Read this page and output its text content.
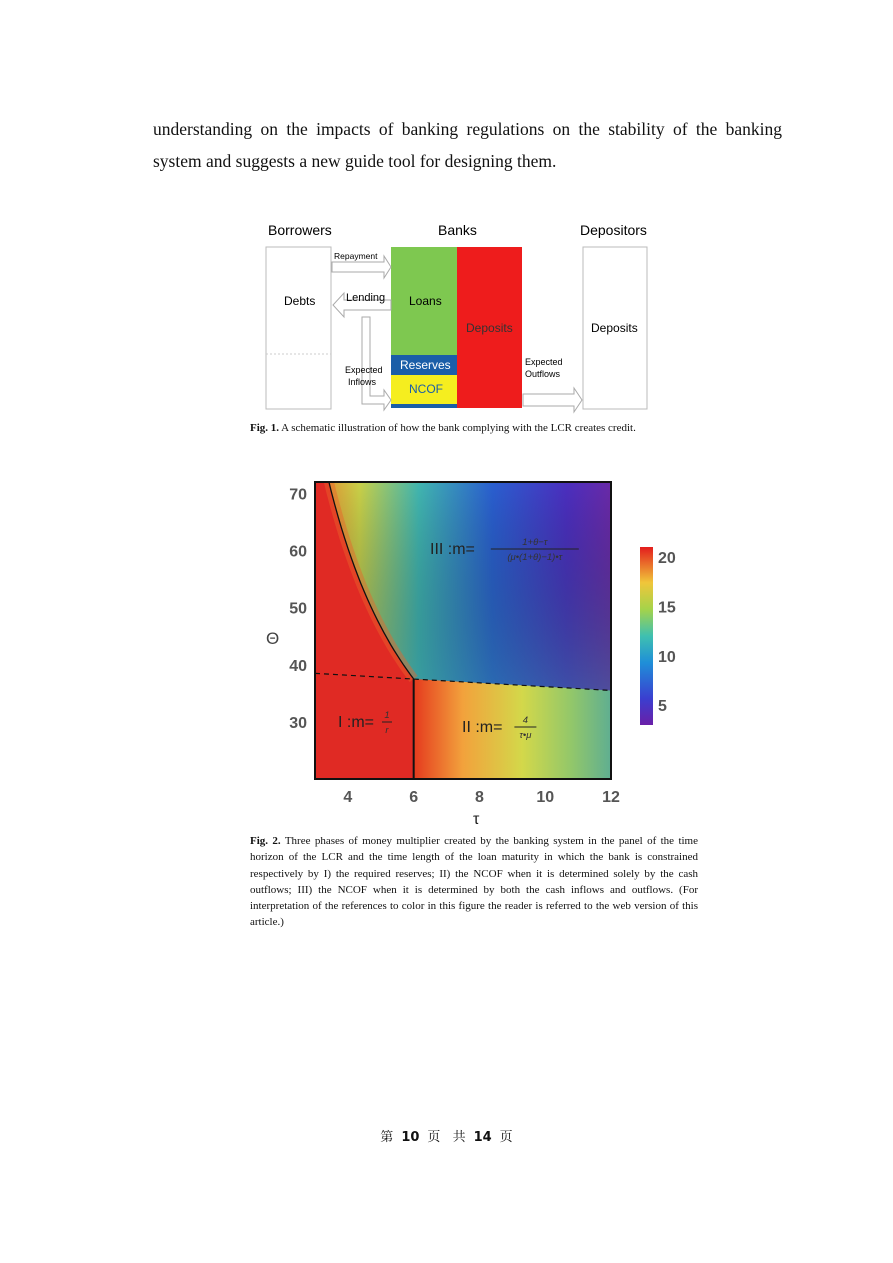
understanding on the impacts of banking regulations on the stability of the banking system and suggests a new guide tool for designing them.

Borrowers	Banks	Depositors
Debts	Loans
Reserves
NCOF
Deposits	Deposits
Repayment
Lending
Expected
Inflows
Expected
Outflows

Fig. 1. A schematic illustration of how the bank complying with the LCR creates credit.

4	6	8	10	12
30
40
50
60
70
τ
Θ
III :m=	1+θ−τ
(μ•(1+θ)−1)•τ
I :m= 1
r	II :m= 4
τ•μ
5
10
15
20

Fig. 2. Three phases of money multiplier created by the banking system in the panel of the time horizon of the LCR and the time length of the loan maturity in which the bank is constrained respectively by I) the required reserves; II) the NCOF when it is determined solely by the cash outflows; III) the NCOF when it is determined by both the cash inflows and outflows. (For interpretation of the references to color in this figure the reader is referred to the web version of this article.)

第 10 页 共 14 页
